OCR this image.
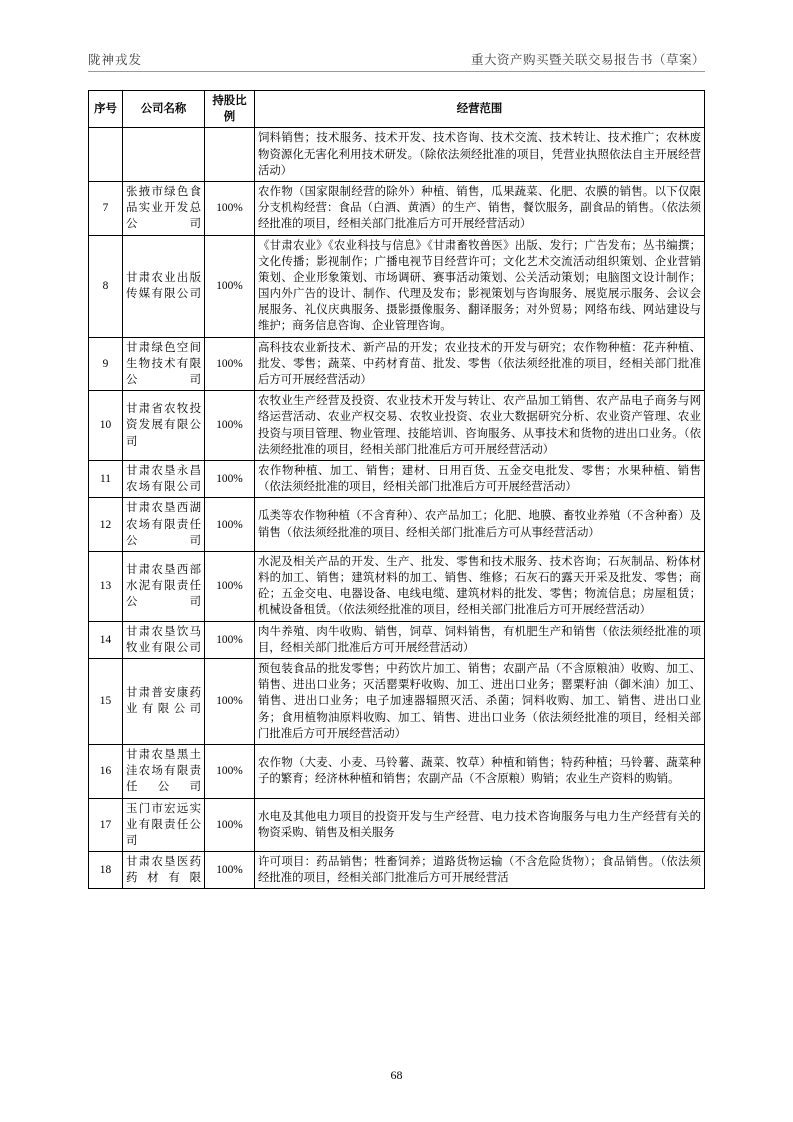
陇神戎发	重大资产购买暨关联交易报告书（草案）
序号	公司名称	持股比例	经营范围
			饲料销售；技术服务、技术开发、技术咨询、技术交流、技术转让、技术推广；农林废物资源化无害化利用技术研发。（除依法须经批准的项目，凭营业执照依法自主开展经营活动）
7	张掖市绿色食品实业开发总公司	100%	农作物（国家限制经营的除外）种植、销售，瓜果蔬菜、化肥、农膜的销售。以下仅限分支机构经营：食品（白酒、黄酒）的生产、销售，餐饮服务，副食品的销售。（依法须经批准的项目，经相关部门批准后方可开展经营活动）
8	甘肃农业出版传媒有限公司	100%	《甘肃农业》《农业科技与信息》《甘肃畜牧兽医》出版、发行；广告发布；丛书编撰；文化传播；影视制作；广播电视节目经营许可；文化艺术交流活动组织策划、企业营销策划、企业形象策划、市场调研、赛事活动策划、公关活动策划；电脑图文设计制作；国内外广告的设计、制作、代理及发布；影视策划与咨询服务、展览展示服务、会议会展服务、礼仪庆典服务、摄影摄像服务、翻译服务；对外贸易；网络布线、网站建设与维护；商务信息咨询、企业管理咨询。
9	甘肃绿色空间生物技术有限公司	100%	高科技农业新技术、新产品的开发；农业技术的开发与研究；农作物种植：花卉种植、批发、零售；蔬菜、中药材育苗、批发、零售（依法须经批准的项目，经相关部门批准后方可开展经营活动）
10	甘肃省农牧投资发展有限公司	100%	农牧业生产经营及投资、农业技术开发与转让、农产品加工销售、农产品电子商务与网络运营活动、农业产权交易、农牧业投资、农业大数据研究分析、农业资产管理、农业投资与项目管理、物业管理、技能培训、咨询服务、从事技术和货物的进出口业务。（依法须经批准的项目，经相关部门批准后方可开展经营活动）
11	甘肃农垦永昌农场有限公司	100%	农作物种植、加工、销售；建材、日用百货、五金交电批发、零售；水果种植、销售（依法须经批准的项目，经相关部门批准后方可开展经营活动）
12	甘肃农垦西湖农场有限责任公司	100%	瓜类等农作物种植（不含育种）、农产品加工；化肥、地膜、畜牧业养殖（不含种畜）及销售（依法须经批准的项目、经相关部门批准后方可从事经营活动）
13	甘肃农垦西部水泥有限责任公司	100%	水泥及相关产品的开发、生产、批发、零售和技术服务、技术咨询；石灰制品、粉体材料的加工、销售；建筑材料的加工、销售、维修；石灰石的露天开采及批发、零售；商砼；五金交电、电器设备、电线电缆、建筑材料的批发、零售；物流信息；房屋租赁；机械设备租赁。（依法须经批准的项目，经相关部门批准后方可开展经营活动）
14	甘肃农垦饮马牧业有限公司	100%	肉牛养殖、肉牛收购、销售，饲草、饲料销售，有机肥生产和销售（依法须经批准的项目，经相关部门批准后方可开展经营活动）
15	甘肃普安康药业有限公司	100%	预包装食品的批发零售；中药饮片加工、销售；农副产品（不含原粮油）收购、加工、销售、进出口业务；灭活罂粟籽收购、加工、进出口业务；罂粟籽油（御米油）加工、销售、进出口业务；电子加速器辐照灭活、杀菌；饲料收购、加工、销售、进出口业务；食用植物油原料收购、加工、销售、进出口业务（依法须经批准的项目，经相关部门批准后方可开展经营活动）
16	甘肃农垦黑土洼农场有限责任公司	100%	农作物（大麦、小麦、马铃薯、蔬菜、牧草）种植和销售；特药种植；马铃薯、蔬菜种子的繁育；经济林种植和销售；农副产品（不含原粮）购销；农业生产资料的购销。
17	玉门市宏远实业有限责任公司	100%	水电及其他电力项目的投资开发与生产经营、电力技术咨询服务与电力生产经营有关的物资采购、销售及相关服务
18	甘肃农垦医药药材有限	100%	许可项目：药品销售；牲畜饲养；道路货物运输（不含危险货物）；食品销售。（依法须经批准的项目，经相关部门批准后方可开展经营活
68
